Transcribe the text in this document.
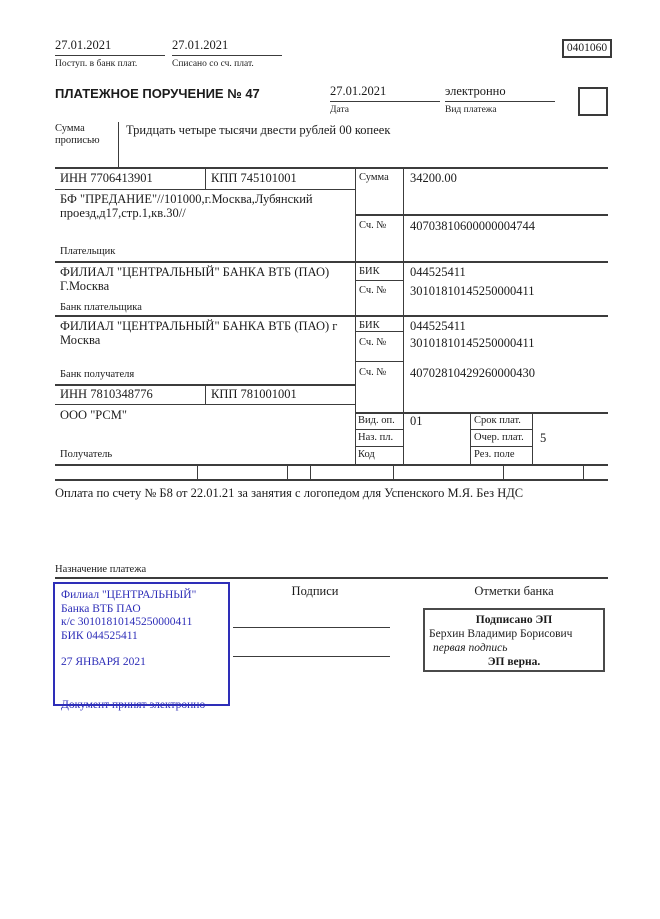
27.01.2021
Поступ. в банк плат.
27.01.2021
Списано со сч. плат.
0401060
ПЛАТЕЖНОЕ ПОРУЧЕНИЕ № 47	27.01.2021
Дата
электронно
Вид платежа
Сумма прописью
Тридцать четыре тысячи двести рублей 00 копеек
ИНН 7706413901	КПП 745101001	Сумма 34200.00
БФ "ПРЕДАНИЕ"//101000,г.Москва,Лубянский проезд,д17,стр.1,кв.30//
Сч. № 40703810600000004744
Плательщик
ФИЛИАЛ "ЦЕНТРАЛЬНЫЙ" БАНКА ВТБ (ПАО) Г.Москва
БИК 044525411
Сч. № 30101810145250000411
Банк плательщика
ФИЛИАЛ "ЦЕНТРАЛЬНЫЙ" БАНКА ВТБ (ПАО) г Москва
БИК 044525411
Сч. № 30101810145250000411
Банк получателя
ИНН 7810348776	КПП 781001001
Сч. № 40702810429260000430
ООО "РСМ"
Получатель
Вид. оп. 01	Срок плат.
Наз. пл.	Очер. плат. 5
Код	Рез. поле
Оплата по счету № Б8 от 22.01.21 за занятия с логопедом для Успенского М.Я. Без НДС
Назначение платежа
Филиал "ЦЕНТРАЛЬНЫЙ" Банка ВТБ ПАО
к/с 30101810145250000411
БИК 044525411
27 ЯНВАРЯ 2021
Документ принят электронно
Подписи	Отметки банка
Подписано ЭП
Берхин Владимир Борисович
первая подпись
ЭП верна.
